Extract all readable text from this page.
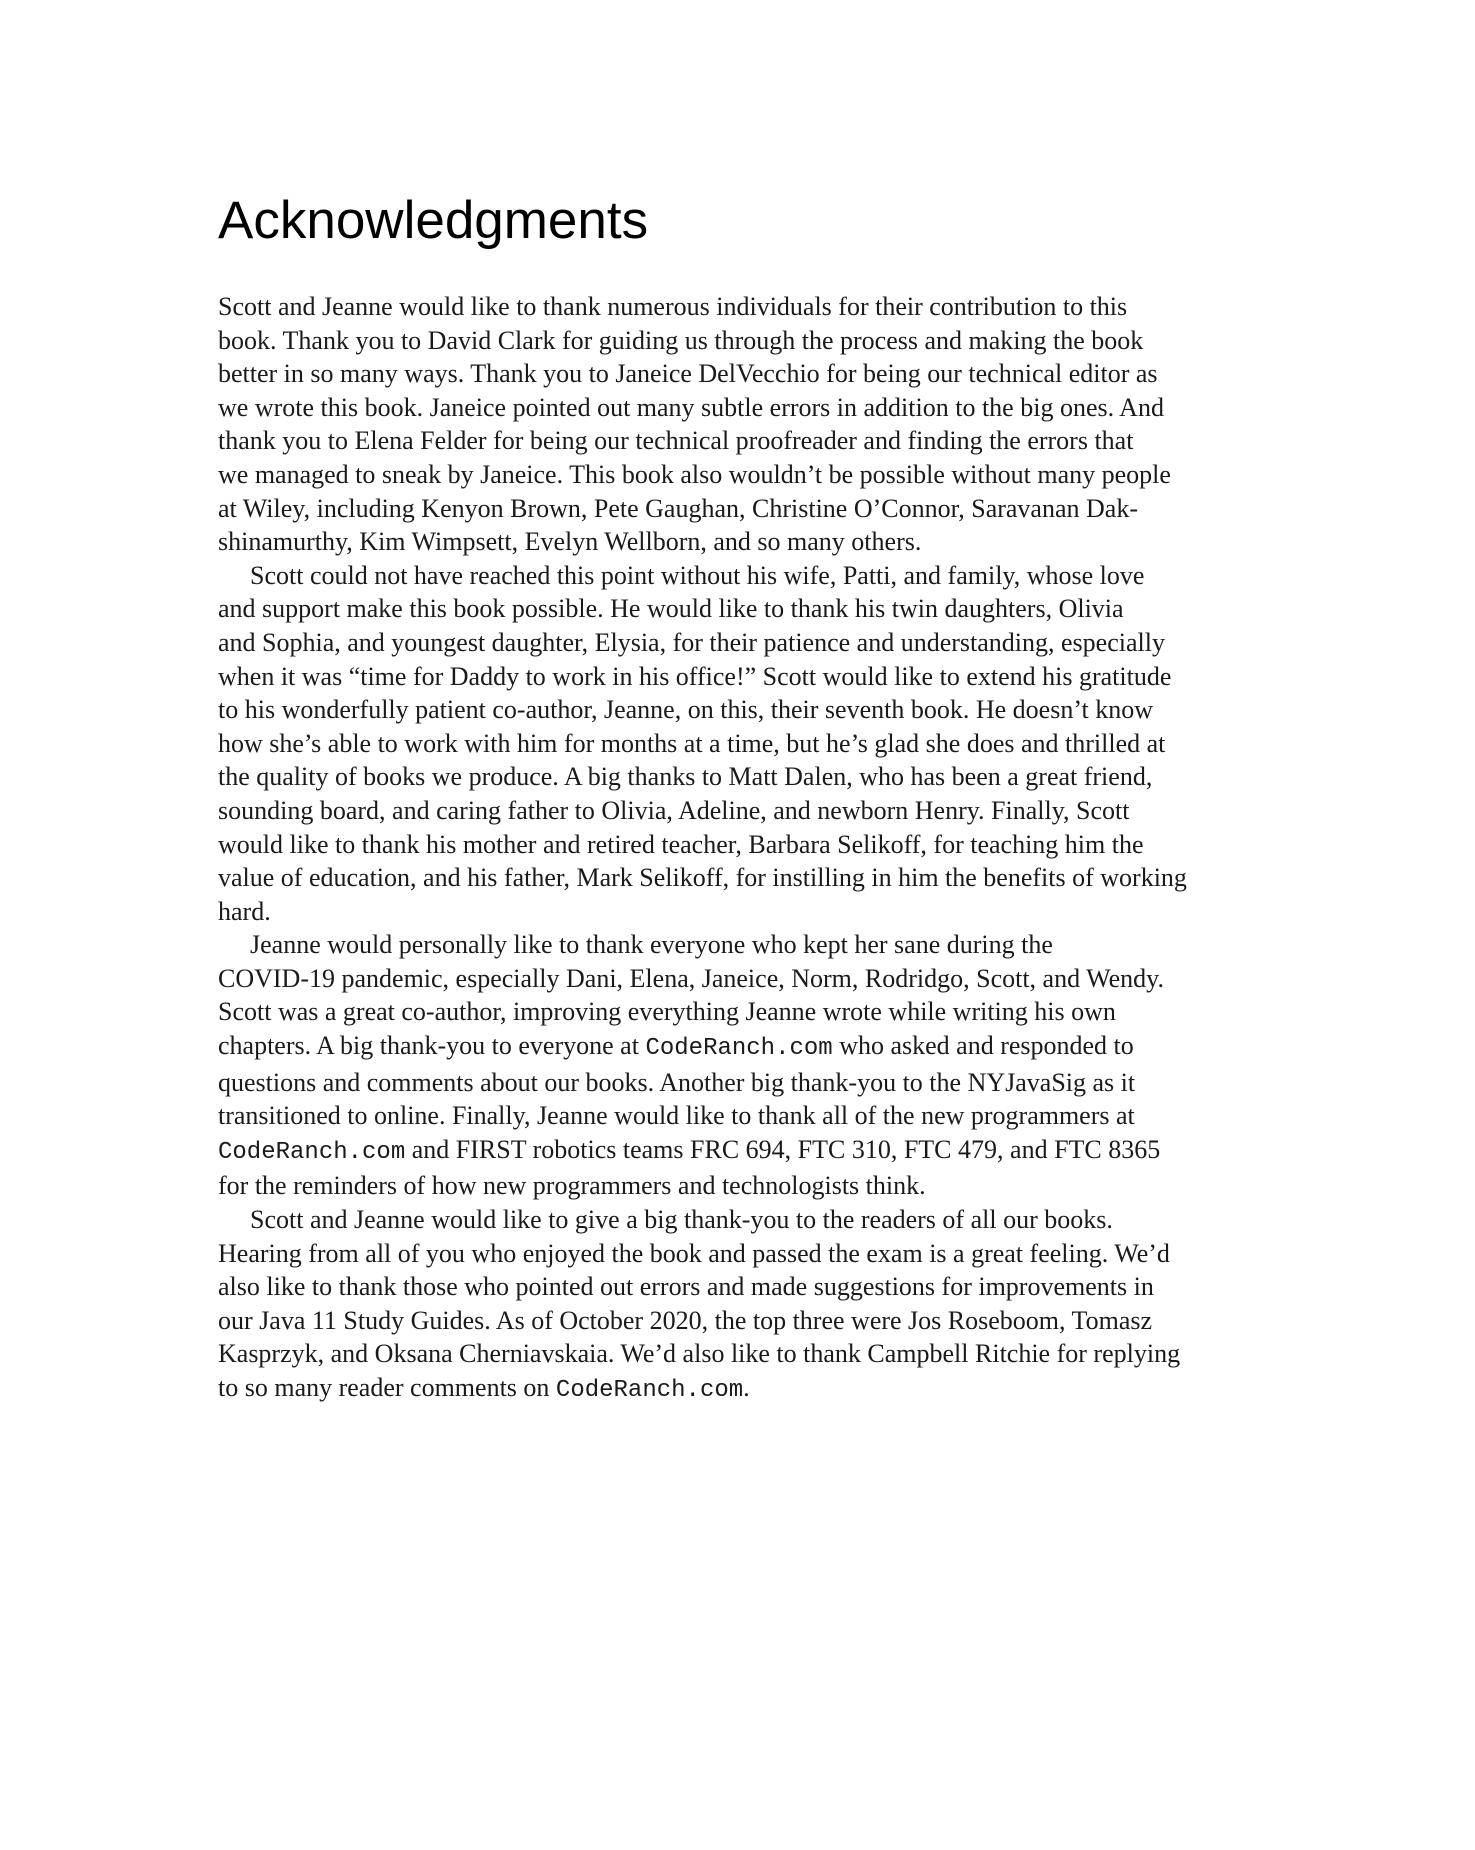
Acknowledgments
Scott and Jeanne would like to thank numerous individuals for their contribution to this
book. Thank you to David Clark for guiding us through the process and making the book
better in so many ways. Thank you to Janeice DelVecchio for being our technical editor as
we wrote this book. Janeice pointed out many subtle errors in addition to the big ones. And
thank you to Elena Felder for being our technical proofreader and finding the errors that
we managed to sneak by Janeice. This book also wouldn’t be possible without many people
at Wiley, including Kenyon Brown, Pete Gaughan, Christine O’Connor, Saravanan Dak-
shinamurthy, Kim Wimpsett, Evelyn Wellborn, and so many others.
Scott could not have reached this point without his wife, Patti, and family, whose love
and support make this book possible. He would like to thank his twin daughters, Olivia
and Sophia, and youngest daughter, Elysia, for their patience and understanding, especially
when it was “time for Daddy to work in his office!” Scott would like to extend his gratitude
to his wonderfully patient co-author, Jeanne, on this, their seventh book. He doesn’t know
how she’s able to work with him for months at a time, but he’s glad she does and thrilled at
the quality of books we produce. A big thanks to Matt Dalen, who has been a great friend,
sounding board, and caring father to Olivia, Adeline, and newborn Henry. Finally, Scott
would like to thank his mother and retired teacher, Barbara Selikoff, for teaching him the
value of education, and his father, Mark Selikoff, for instilling in him the benefits of working
hard.
Jeanne would personally like to thank everyone who kept her sane during the
COVID-19 pandemic, especially Dani, Elena, Janeice, Norm, Rodridgo, Scott, and Wendy.
Scott was a great co-author, improving everything Jeanne wrote while writing his own
chapters. A big thank-you to everyone at CodeRanch.com who asked and responded to
questions and comments about our books. Another big thank-you to the NYJavaSig as it
transitioned to online. Finally, Jeanne would like to thank all of the new programmers at
CodeRanch.com and FIRST robotics teams FRC 694, FTC 310, FTC 479, and FTC 8365
for the reminders of how new programmers and technologists think.
Scott and Jeanne would like to give a big thank-you to the readers of all our books.
Hearing from all of you who enjoyed the book and passed the exam is a great feeling. We’d
also like to thank those who pointed out errors and made suggestions for improvements in
our Java 11 Study Guides. As of October 2020, the top three were Jos Roseboom, Tomasz
Kasprzyk, and Oksana Cherniavskaia. We’d also like to thank Campbell Ritchie for replying
to so many reader comments on CodeRanch.com.
